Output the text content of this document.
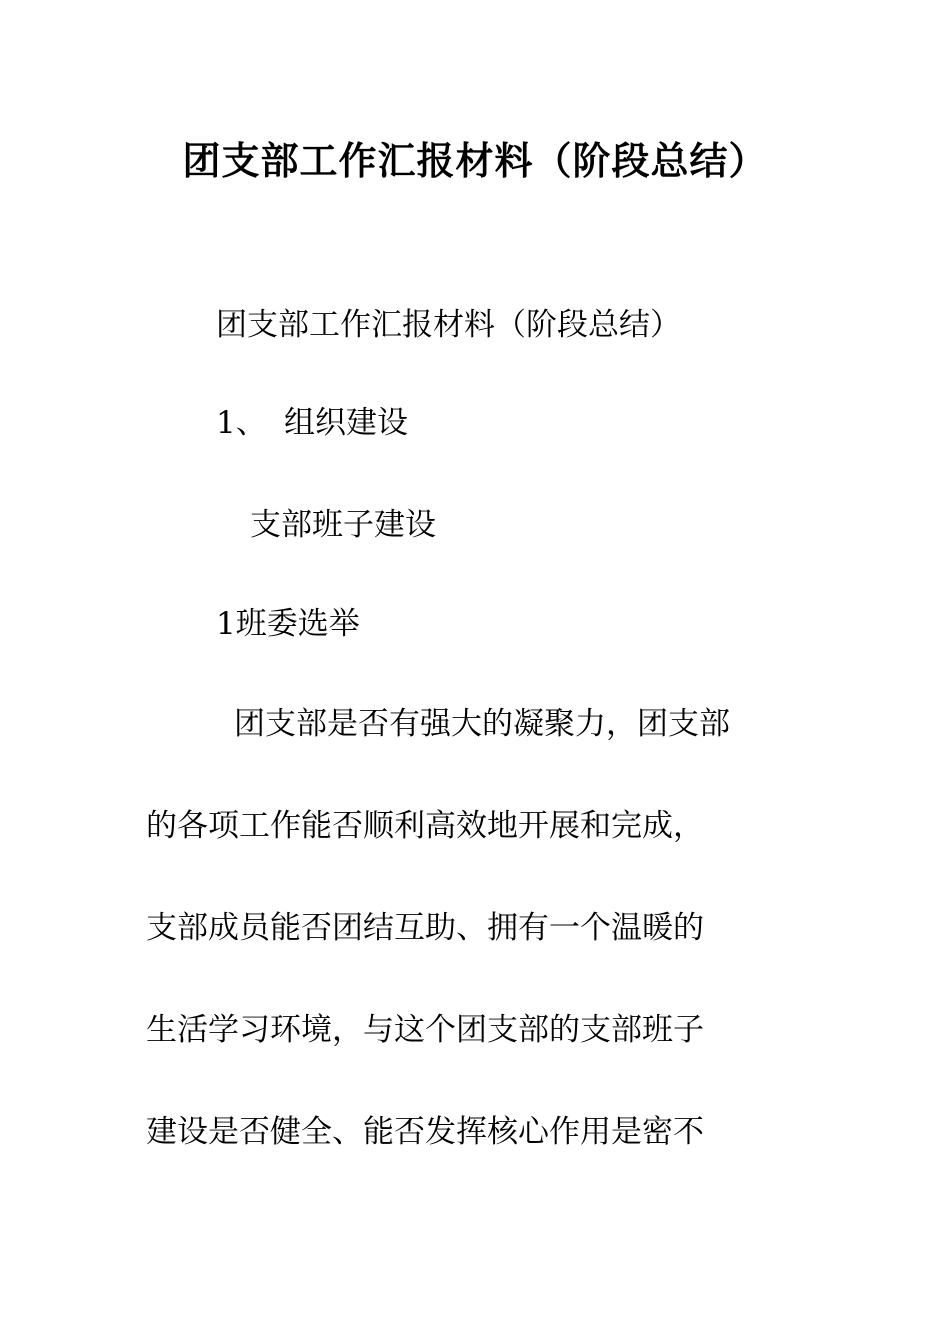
团支部工作汇报材料（阶段总结）
团支部工作汇报材料（阶段总结）
1、 组织建设
支部班子建设
1班委选举
团支部是否有强大的凝聚力，团支部
的各项工作能否顺利高效地开展和完成，
支部成员能否团结互助、拥有一个温暖的
生活学习环境，与这个团支部的支部班子
建设是否健全、能否发挥核心作用是密不
